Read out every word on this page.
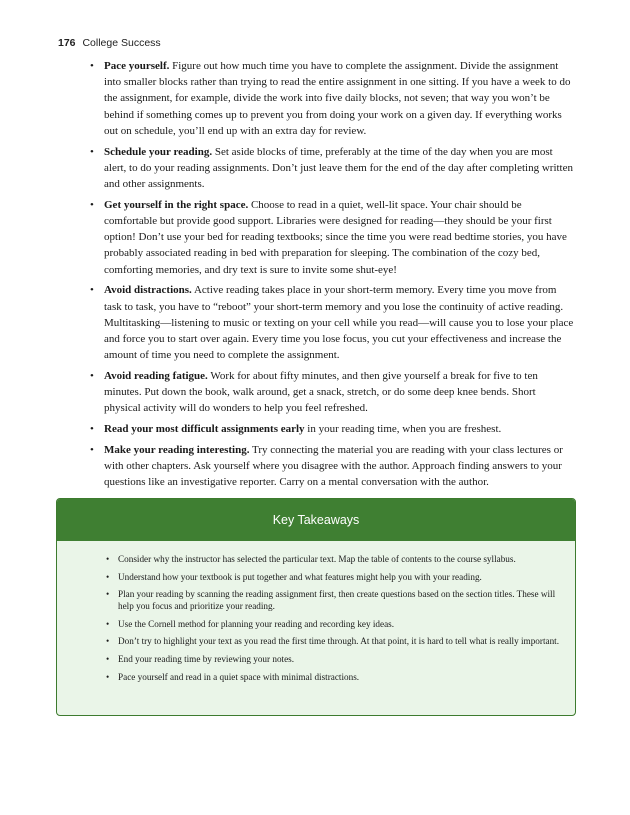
176 College Success
• Pace yourself. Figure out how much time you have to complete the assignment. Divide the assignment into smaller blocks rather than trying to read the entire assignment in one sitting. If you have a week to do the assignment, for example, divide the work into five daily blocks, not seven; that way you won’t be behind if something comes up to prevent you from doing your work on a given day. If everything works out on schedule, you’ll end up with an extra day for review.
• Schedule your reading. Set aside blocks of time, preferably at the time of the day when you are most alert, to do your reading assignments. Don’t just leave them for the end of the day after completing written and other assignments.
• Get yourself in the right space. Choose to read in a quiet, well-lit space. Your chair should be comfortable but provide good support. Libraries were designed for reading—they should be your first option! Don’t use your bed for reading textbooks; since the time you were read bedtime stories, you have probably associated reading in bed with preparation for sleeping. The combination of the cozy bed, comforting memories, and dry text is sure to invite some shut-eye!
• Avoid distractions. Active reading takes place in your short-term memory. Every time you move from task to task, you have to “reboot” your short-term memory and you lose the continuity of active reading. Multitasking—listening to music or texting on your cell while you read—will cause you to lose your place and force you to start over again. Every time you lose focus, you cut your effectiveness and increase the amount of time you need to complete the assignment.
• Avoid reading fatigue. Work for about fifty minutes, and then give yourself a break for five to ten minutes. Put down the book, walk around, get a snack, stretch, or do some deep knee bends. Short physical activity will do wonders to help you feel refreshed.
• Read your most difficult assignments early in your reading time, when you are freshest.
• Make your reading interesting. Try connecting the material you are reading with your class lectures or with other chapters. Ask yourself where you disagree with the author. Approach finding answers to your questions like an investigative reporter. Carry on a mental conversation with the author.
Key Takeaways
• Consider why the instructor has selected the particular text. Map the table of contents to the course syllabus.
• Understand how your textbook is put together and what features might help you with your reading.
• Plan your reading by scanning the reading assignment first, then create questions based on the section titles. These will help you focus and prioritize your reading.
• Use the Cornell method for planning your reading and recording key ideas.
• Don’t try to highlight your text as you read the first time through. At that point, it is hard to tell what is really important.
• End your reading time by reviewing your notes.
• Pace yourself and read in a quiet space with minimal distractions.
